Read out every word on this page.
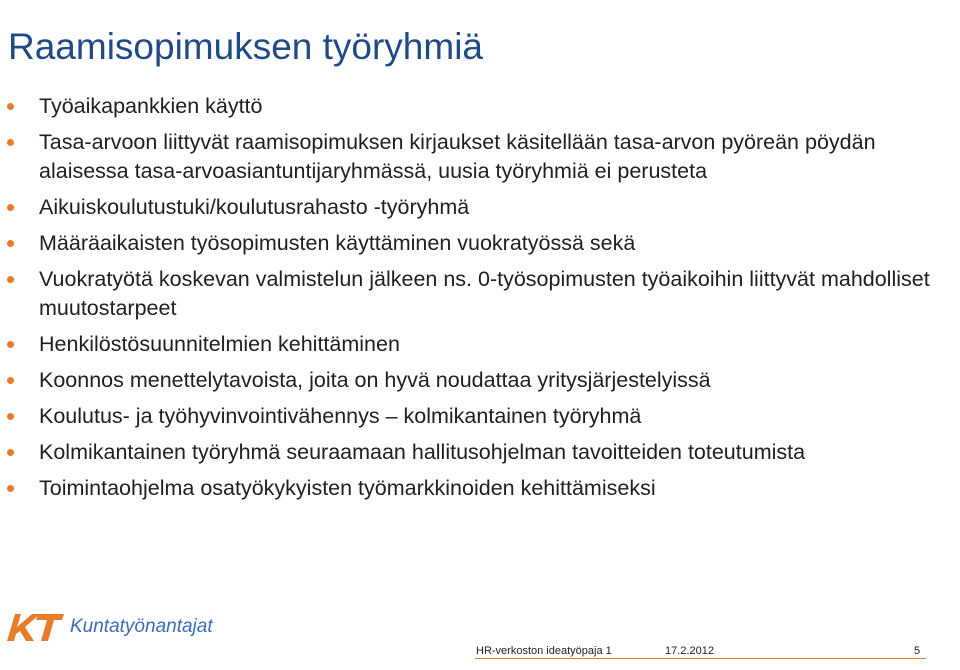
Raamisopimuksen työryhmiä
Työaikapankkien käyttö
Tasa-arvoon liittyvät raamisopimuksen kirjaukset käsitellään tasa-arvon pyöreän pöydän alaisessa tasa-arvoasiantuntijaryhmässä, uusia työryhmiä ei perusteta
Aikuiskoulutustuki/koulutusrahasto -työryhmä
Määräaikaisten työsopimusten käyttäminen vuokratyössä sekä
Vuokratyötä koskevan valmistelun jälkeen ns. 0-työsopimusten työaikoihin liittyvät mahdolliset muutostarpeet
Henkilöstösuunnitelmien kehittäminen
Koonnos menettelytavoista, joita on hyvä noudattaa yritysjärjestelyissä
Koulutus- ja työhyvinvointivähennys – kolmikantainen työryhmä
Kolmikantainen työryhmä seuraamaan hallitusohjelman tavoitteiden toteutumista
Toimintaohjelma osatyökykyisten työmarkkinoiden kehittämiseksi
Kuntatyönantajat
HR-verkoston ideatyöpaja 1	17.2.2012	5
